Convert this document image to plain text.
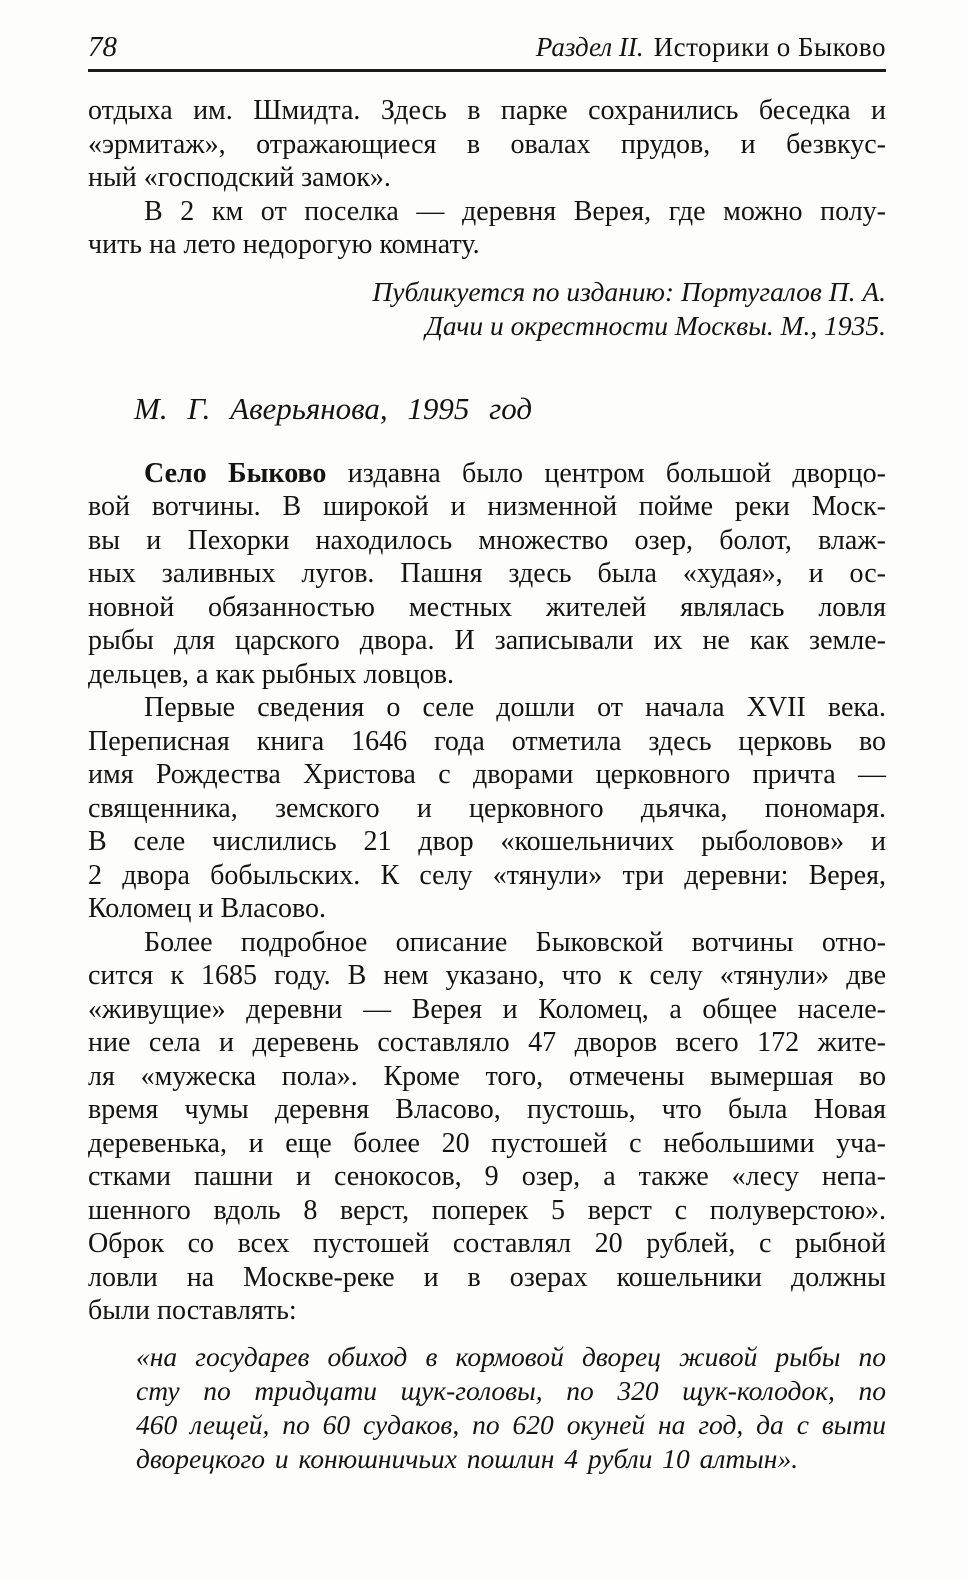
78	Раздел II. Историки о Быково
отдыха им. Шмидта. Здесь в парке сохранились беседка и
«эрмитаж», отражающиеся в овалах прудов, и безвкус-
ный «господский замок».
В 2 км от поселка — деревня Верея, где можно полу-
чить на лето недорогую комнату.
Публикуется по изданию: Португалов П. А.
Дачи и окрестности Москвы. М., 1935.
М. Г. Аверьянова, 1995 год
Село Быково издавна было центром большой дворцо-
вой вотчины. В широкой и низменной пойме реки Моск-
вы и Пехорки находилось множество озер, болот, влаж-
ных заливных лугов. Пашня здесь была «худая», и ос-
новной обязанностью местных жителей являлась ловля
рыбы для царского двора. И записывали их не как земле-
дельцев, а как рыбных ловцов.
Первые сведения о селе дошли от начала XVII века.
Переписная книга 1646 года отметила здесь церковь во
имя Рождества Христова с дворами церковного причта —
священника, земского и церковного дьячка, пономаря.
В селе числились 21 двор «кошельничих рыболовов» и
2 двора бобыльских. К селу «тянули» три деревни: Верея,
Коломец и Власово.
Более подробное описание Быковской вотчины отно-
сится к 1685 году. В нем указано, что к селу «тянули» две
«живущие» деревни — Верея и Коломец, а общее населе-
ние села и деревень составляло 47 дворов всего 172 жите-
ля «мужеска пола». Кроме того, отмечены вымершая во
время чумы деревня Власово, пустошь, что была Новая
деревенька, и еще более 20 пустошей с небольшими уча-
стками пашни и сенокосов, 9 озер, а также «лесу непа-
шенного вдоль 8 верст, поперек 5 верст с полуверстою».
Оброк со всех пустошей составлял 20 рублей, с рыбной
ловли на Москве-реке и в озерах кошельники должны
были поставлять:
«на государев обиход в кормовой дворец живой рыбы по
сту по тридцати щук-головы, по 320 щук-колодок, по
460 лещей, по 60 судаков, по 620 окуней на год, да с выти
дворецкого и конюшничьих пошлин 4 рубли 10 алтын».
